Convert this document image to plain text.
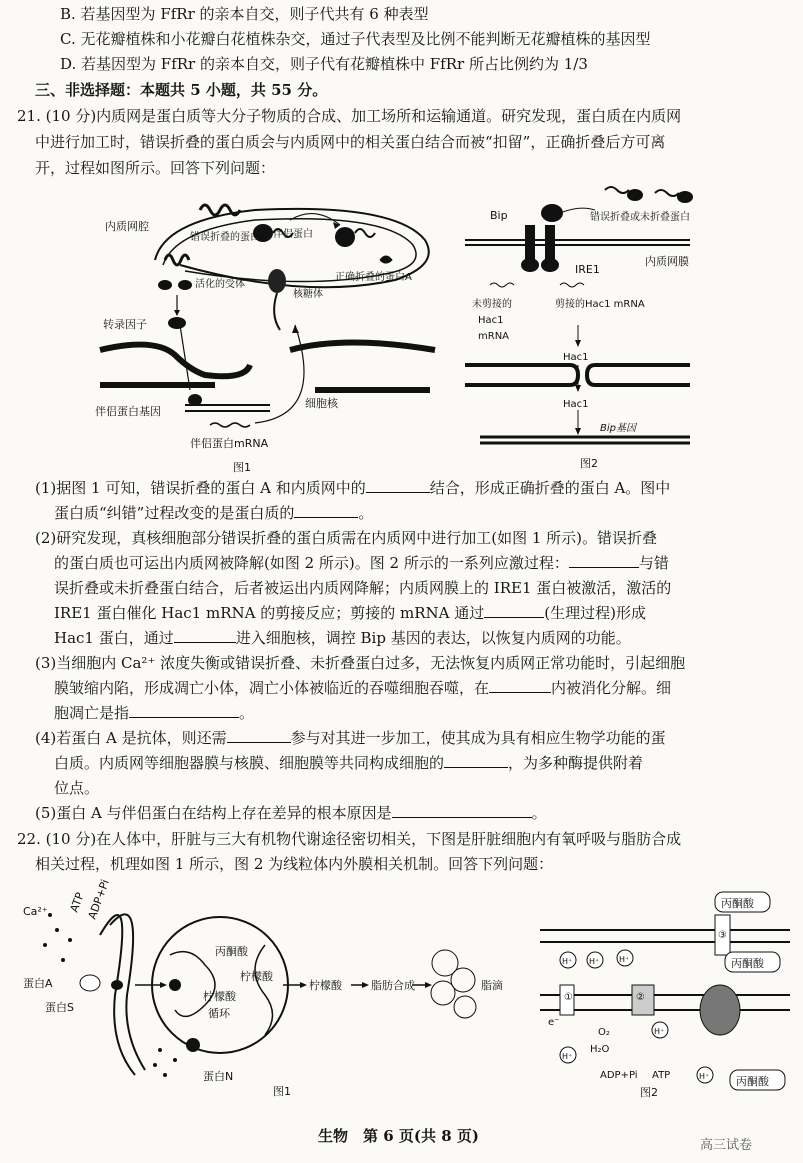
B. 若基因型为 FfRr 的亲本自交，则子代共有 6 种表型
C. 无花瓣植株和小花瓣白花植株杂交，通过子代表型及比例不能判断无花瓣植株的基因型
D. 若基因型为 FfRr 的亲本自交，则子代有花瓣植株中 FfRr 所占比例约为 1/3
三、非选择题：本题共 5 小题，共 55 分。
21. (10 分)内质网是蛋白质等大分子物质的合成、加工场所和运输通道。研究发现，蛋白质在内质网
中进行加工时，错误折叠的蛋白质会与内质网中的相关蛋白结合而被“扣留”，正确折叠后方可离
开，过程如图所示。回答下列问题：
内质网腔
错误折叠的蛋白A 伴侣蛋白
正确折叠的蛋白A
活化的受体
核糖体
转录因子
细胞核
伴侣蛋白基因
伴侣蛋白mRNA
图1
Bip	错误折叠或未折叠蛋白
IRE1
内质网膜
未剪接的
Hac1
mRNA
剪接的Hac1 mRNA
Hac1
Hac1
Bip基因
图2
(1)据图 1 可知，错误折叠的蛋白 A 和内质网中的	结合，形成正确折叠的蛋白 A。图中
蛋白质“纠错”过程改变的是蛋白质的	。
(2)研究发现，真核细胞部分错误折叠的蛋白质需在内质网中进行加工(如图 1 所示)。错误折叠
的蛋白质也可运出内质网被降解(如图 2 所示)。图 2 所示的一系列应激过程：	与错
误折叠或未折叠蛋白结合，后者被运出内质网降解；内质网膜上的 IRE1 蛋白被激活，激活的
IRE1 蛋白催化 Hac1 mRNA 的剪接反应；剪接的 mRNA 通过	(生理过程)形成
Hac1 蛋白，通过	进入细胞核，调控 Bip 基因的表达，以恢复内质网的功能。
(3)当细胞内 Ca²⁺ 浓度失衡或错误折叠、未折叠蛋白过多，无法恢复内质网正常功能时，引起细胞
膜皱缩内陷，形成凋亡小体，凋亡小体被临近的吞噬细胞吞噬，在	内被消化分解。细
胞凋亡是指	。
(4)若蛋白 A 是抗体，则还需	参与对其进一步加工，使其成为具有相应生物学功能的蛋
白质。内质网等细胞器膜与核膜、细胞膜等共同构成细胞的	，为多种酶提供附着
位点。
(5)蛋白 A 与伴侣蛋白在结构上存在差异的根本原因是	。
22. (10 分)在人体中，肝脏与三大有机物代谢途径密切相关，下图是肝脏细胞内有氧呼吸与脂肪合成
相关过程，机理如图 1 所示，图 2 为线粒体内外膜相关机制。回答下列问题：
Ca²⁺ ATP
ADP+Pi
蛋白A
蛋白S
丙酮酸
柠檬酸
柠檬酸
循环
柠檬酸	脂肪合成	脂滴
蛋白N
图1
丙酮酸
丙酮酸
丙酮酸
H⁺ H⁺ H⁺
H⁺
H⁺
H⁺
O₂
H₂O
ADP+Pi ATP
①	②
③
e⁻
图2
生物　第 6 页(共 8 页)
高三试卷
